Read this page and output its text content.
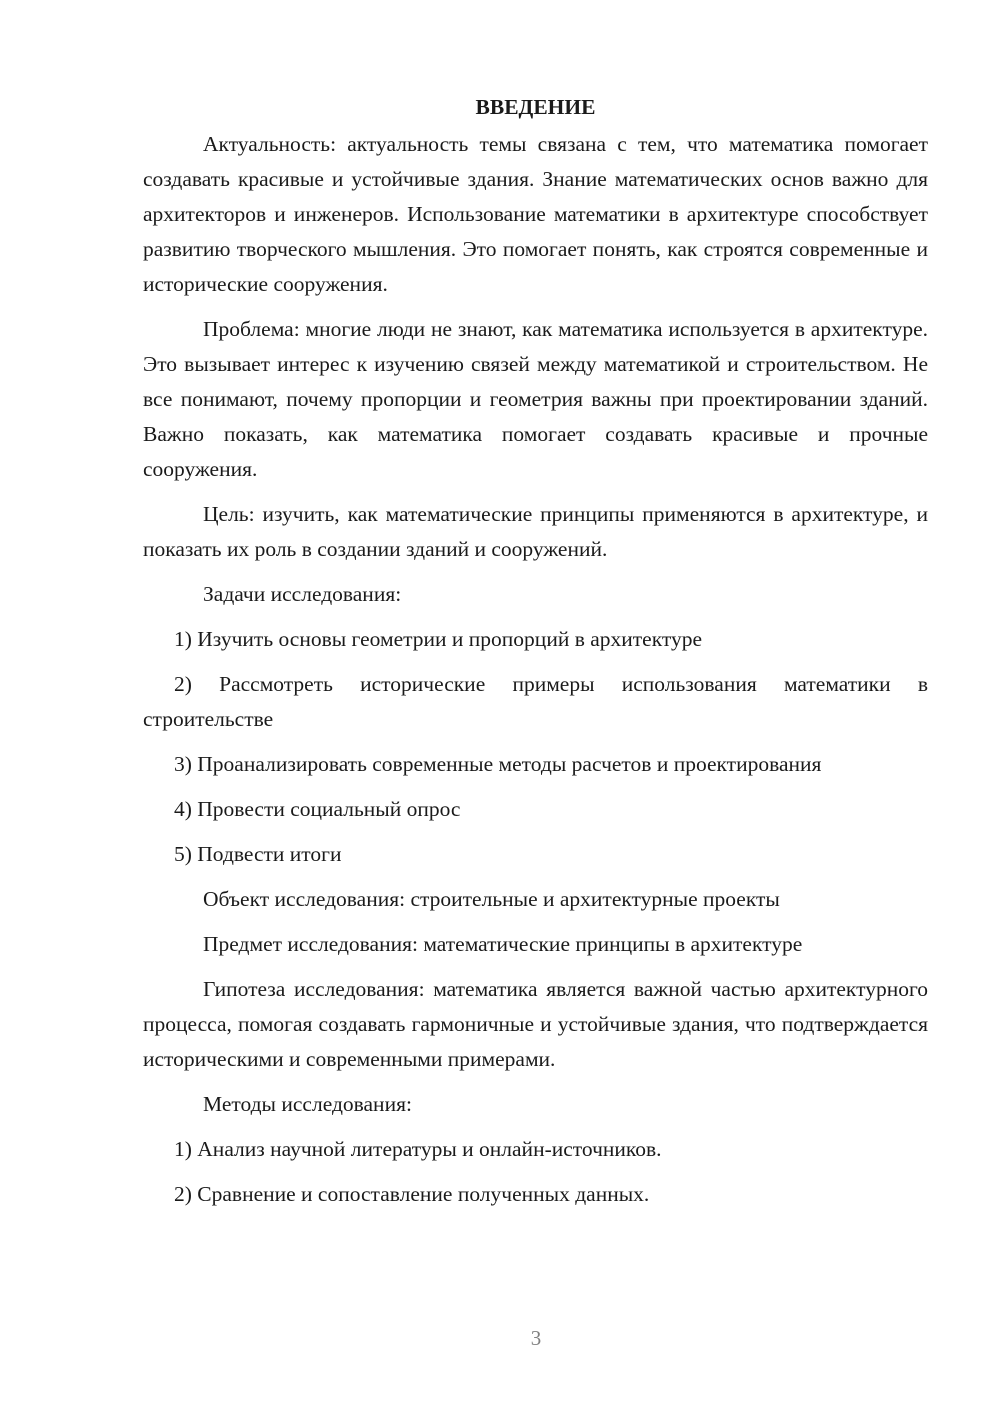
ВВЕДЕНИЕ

Актуальность: актуальность темы связана с тем, что математика помогает создавать красивые и устойчивые здания. Знание математических основ важно для архитекторов и инженеров. Использование математики в архитектуре способствует развитию творческого мышления. Это помогает понять, как строятся современные и исторические сооружения.

Проблема: многие люди не знают, как математика используется в архитектуре. Это вызывает интерес к изучению связей между математикой и строительством. Не все понимают, почему пропорции и геометрия важны при проектировании зданий. Важно показать, как математика помогает создавать красивые и прочные сооружения.

Цель: изучить, как математические принципы применяются в архитектуре, и показать их роль в создании зданий и сооружений.

Задачи исследования:

1) Изучить основы геометрии и пропорций в архитектуре

2) Рассмотреть исторические примеры использования математики в строительстве

3) Проанализировать современные методы расчетов и проектирования

4) Провести социальный опрос

5) Подвести итоги

Объект исследования: строительные и архитектурные проекты

Предмет исследования: математические принципы в архитектуре

Гипотеза исследования: математика является важной частью архитектурного процесса, помогая создавать гармоничные и устойчивые здания, что подтверждается историческими и современными примерами.

Методы исследования:

1) Анализ научной литературы и онлайн-источников.

2) Сравнение и сопоставление полученных данных.

3
